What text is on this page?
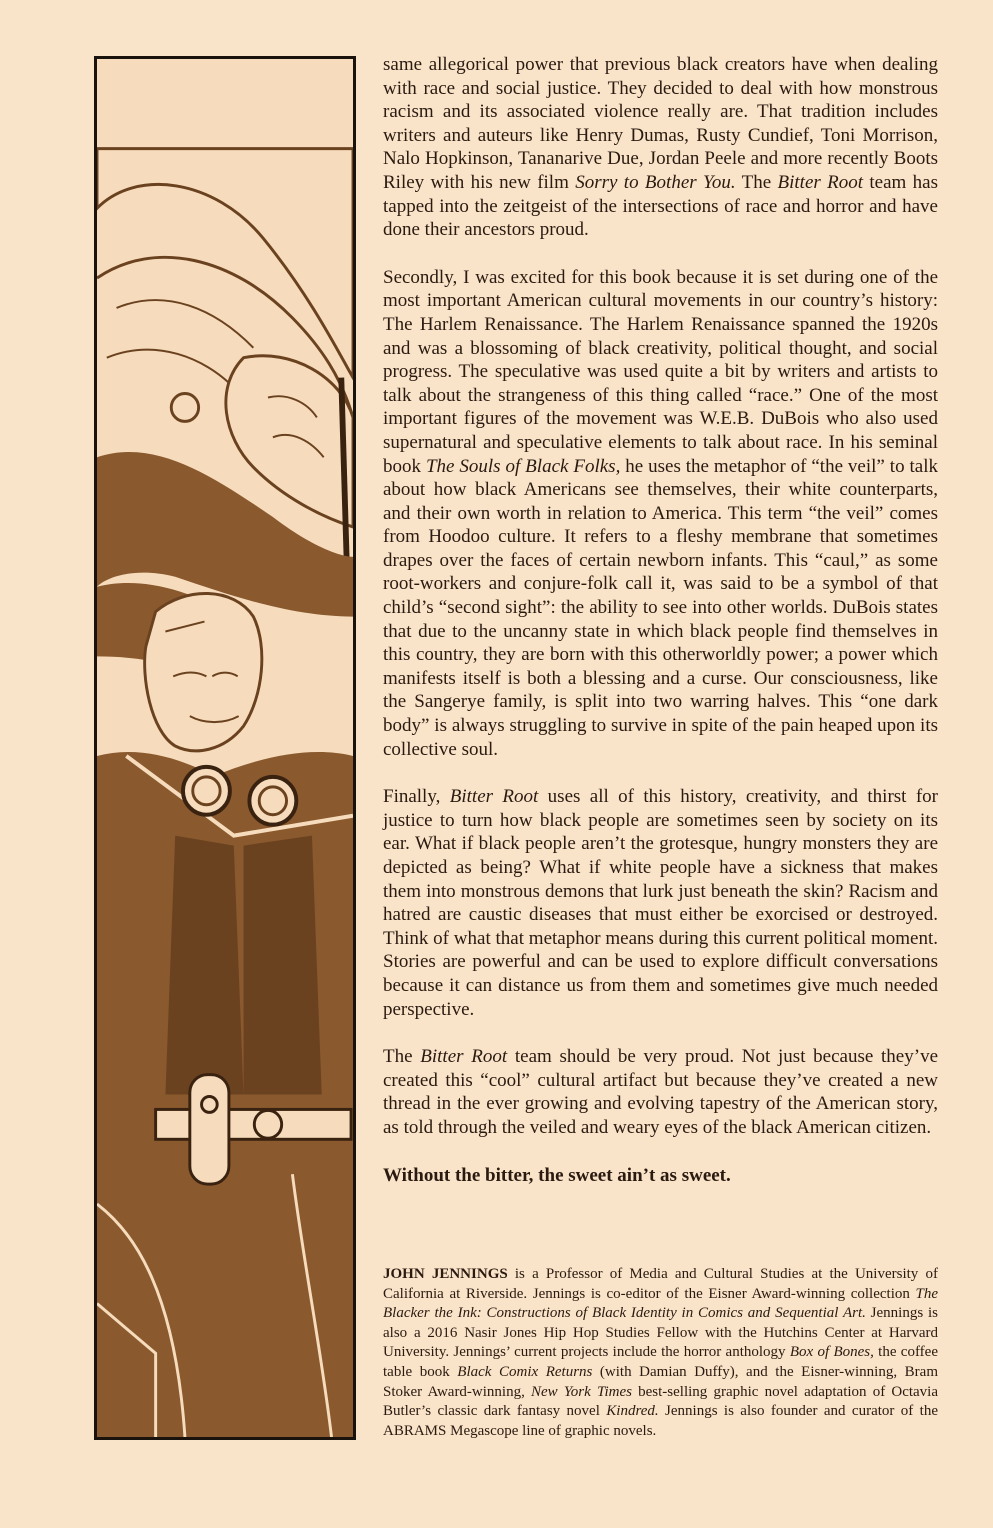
same allegorical power that previous black creators have when dealing with race and social justice. They decided to deal with how monstrous racism and its associated violence really are. That tradition includes writers and auteurs like Henry Dumas, Rusty Cundief, Toni Morrison, Nalo Hopkinson, Tananarive Due, Jordan Peele and more recently Boots Riley with his new film Sorry to Bother You. The Bitter Root team has tapped into the zeitgeist of the intersections of race and horror and have done their ancestors proud.

Secondly, I was excited for this book because it is set during one of the most important American cultural movements in our country’s history: The Harlem Renaissance. The Harlem Renaissance spanned the 1920s and was a blossoming of black creativity, political thought, and social progress. The speculative was used quite a bit by writers and artists to talk about the strangeness of this thing called “race.” One of the most important figures of the movement was W.E.B. DuBois who also used supernatural and speculative elements to talk about race. In his seminal book The Souls of Black Folks, he uses the metaphor of “the veil” to talk about how black Americans see themselves, their white counterparts, and their own worth in relation to America. This term “the veil” comes from Hoodoo culture. It refers to a fleshy membrane that sometimes drapes over the faces of certain newborn infants. This “caul,” as some root-workers and conjure-folk call it, was said to be a symbol of that child’s “second sight”: the ability to see into other worlds. DuBois states that due to the uncanny state in which black people find themselves in this country, they are born with this otherworldly power; a power which manifests itself is both a blessing and a curse. Our consciousness, like the Sangerye family, is split into two warring halves. This “one dark body” is always struggling to survive in spite of the pain heaped upon its collective soul.

Finally, Bitter Root uses all of this history, creativity, and thirst for justice to turn how black people are sometimes seen by society on its ear. What if black people aren’t the grotesque, hungry monsters they are depicted as being? What if white people have a sickness that makes them into monstrous demons that lurk just beneath the skin? Racism and hatred are caustic diseases that must either be exorcised or destroyed. Think of what that metaphor means during this current political moment. Stories are powerful and can be used to explore difficult conversations because it can distance us from them and sometimes give much needed perspective.

The Bitter Root team should be very proud. Not just because they’ve created this “cool” cultural artifact but because they’ve created a new thread in the ever growing and evolving tapestry of the American story, as told through the veiled and weary eyes of the black American citizen.

Without the bitter, the sweet ain’t as sweet.

JOHN JENNINGS is a Professor of Media and Cultural Studies at the University of California at Riverside. Jennings is co-editor of the Eisner Award-winning collection The Blacker the Ink: Constructions of Black Identity in Comics and Sequential Art. Jennings is also a 2016 Nasir Jones Hip Hop Studies Fellow with the Hutchins Center at Harvard University. Jennings’ current projects include the horror anthology Box of Bones, the coffee table book Black Comix Returns (with Damian Duffy), and the Eisner-winning, Bram Stoker Award-winning, New York Times best-selling graphic novel adaptation of Octavia Butler’s classic dark fantasy novel Kindred. Jennings is also founder and curator of the ABRAMS Megascope line of graphic novels.
